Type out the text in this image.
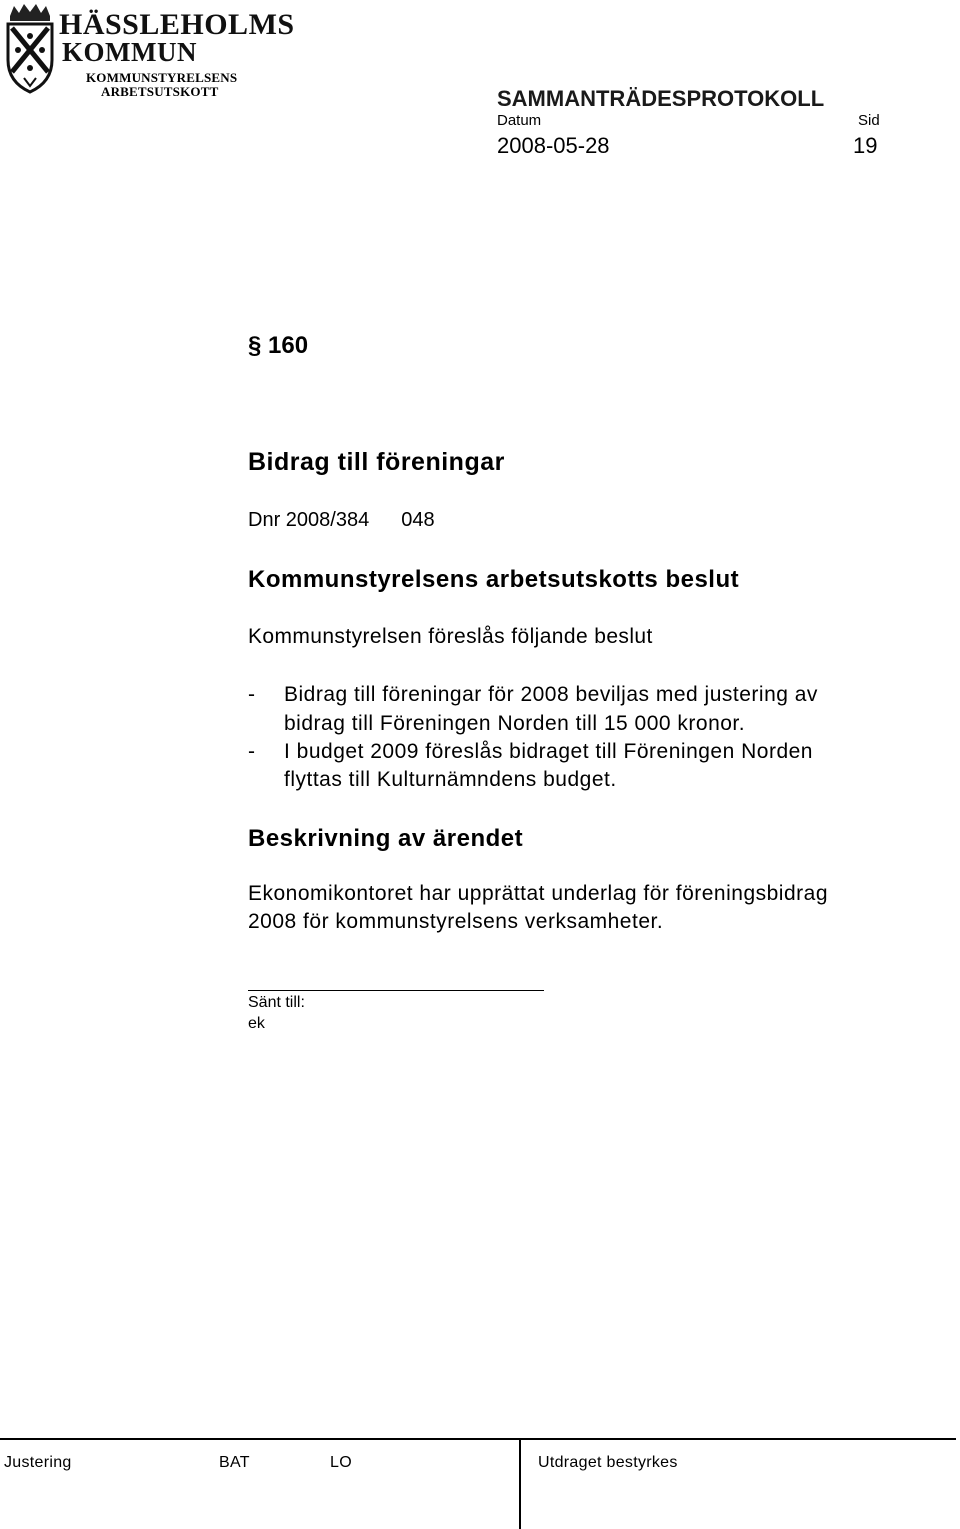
HÄSSLEHOLMS
KOMMUN
KOMMUNSTYRELSENS
ARBETSUTSKOTT	SAMMANTRÄDESPROTOKOLL
Datum	Sid
2008-05-28	19
§ 160
Bidrag till föreningar
Dnr 2008/384 048
Kommunstyrelsens arbetsutskotts beslut
Kommunstyrelsen föreslås följande beslut
- Bidrag till föreningar för 2008 beviljas med justering av
bidrag till Föreningen Norden till 15 000 kronor.
- I budget 2009 föreslås bidraget till Föreningen Norden
flyttas till Kulturnämndens budget.
Beskrivning av ärendet
Ekonomikontoret har upprättat underlag för föreningsbidrag
2008 för kommunstyrelsens verksamheter.
Sänt till:
ek
Justering	BAT	LO	Utdraget bestyrkes
